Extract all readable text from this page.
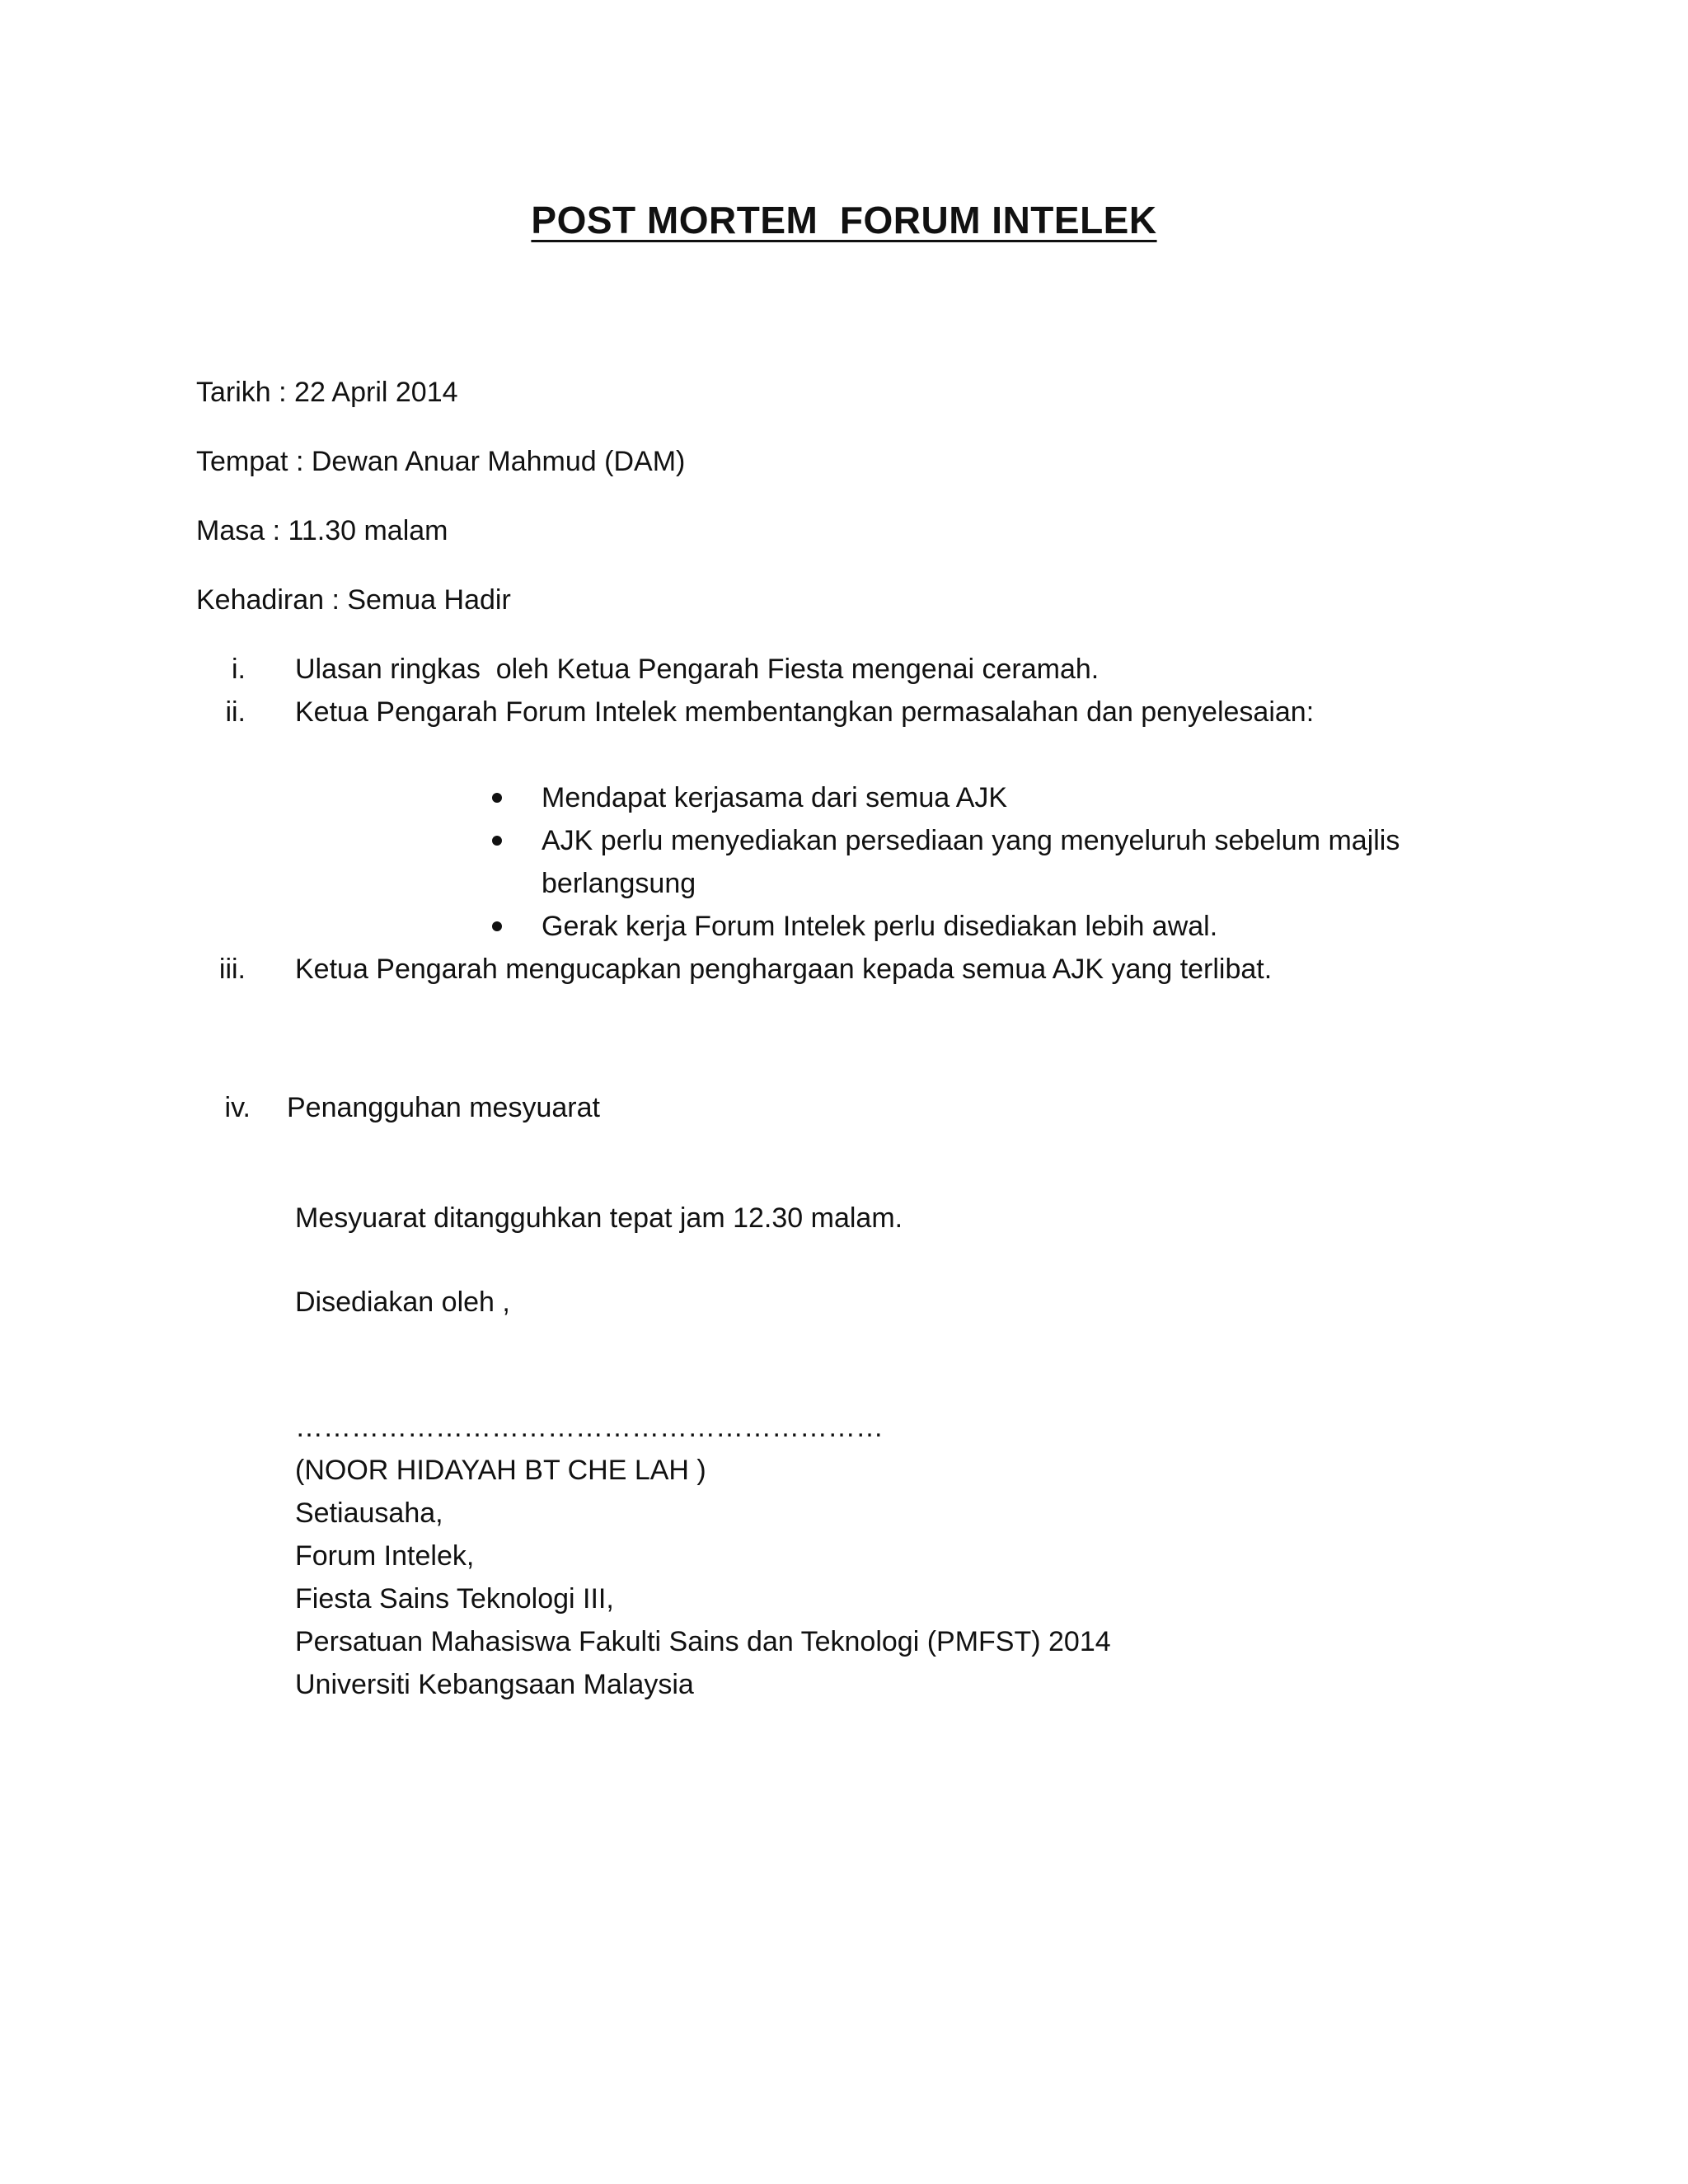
POST MORTEM  FORUM INTELEK
Tarikh : 22 April 2014
Tempat : Dewan Anuar Mahmud (DAM)
Masa : 11.30 malam
Kehadiran : Semua Hadir
i. Ulasan ringkas  oleh Ketua Pengarah Fiesta mengenai ceramah.
ii. Ketua Pengarah Forum Intelek membentangkan permasalahan dan penyelesaian:
Mendapat kerjasama dari semua AJK
AJK perlu menyediakan persediaan yang menyeluruh sebelum majlis
berlangsung
Gerak kerja Forum Intelek perlu disediakan lebih awal.
iii. Ketua Pengarah mengucapkan penghargaan kepada semua AJK yang terlibat.
iv. Penangguhan mesyuarat
Mesyuarat ditangguhkan tepat jam 12.30 malam.
Disediakan oleh ,
………………………………………………………
(NOOR HIDAYAH BT CHE LAH )
Setiausaha,
Forum Intelek,
Fiesta Sains Teknologi III,
Persatuan Mahasiswa Fakulti Sains dan Teknologi (PMFST) 2014
Universiti Kebangsaan Malaysia
